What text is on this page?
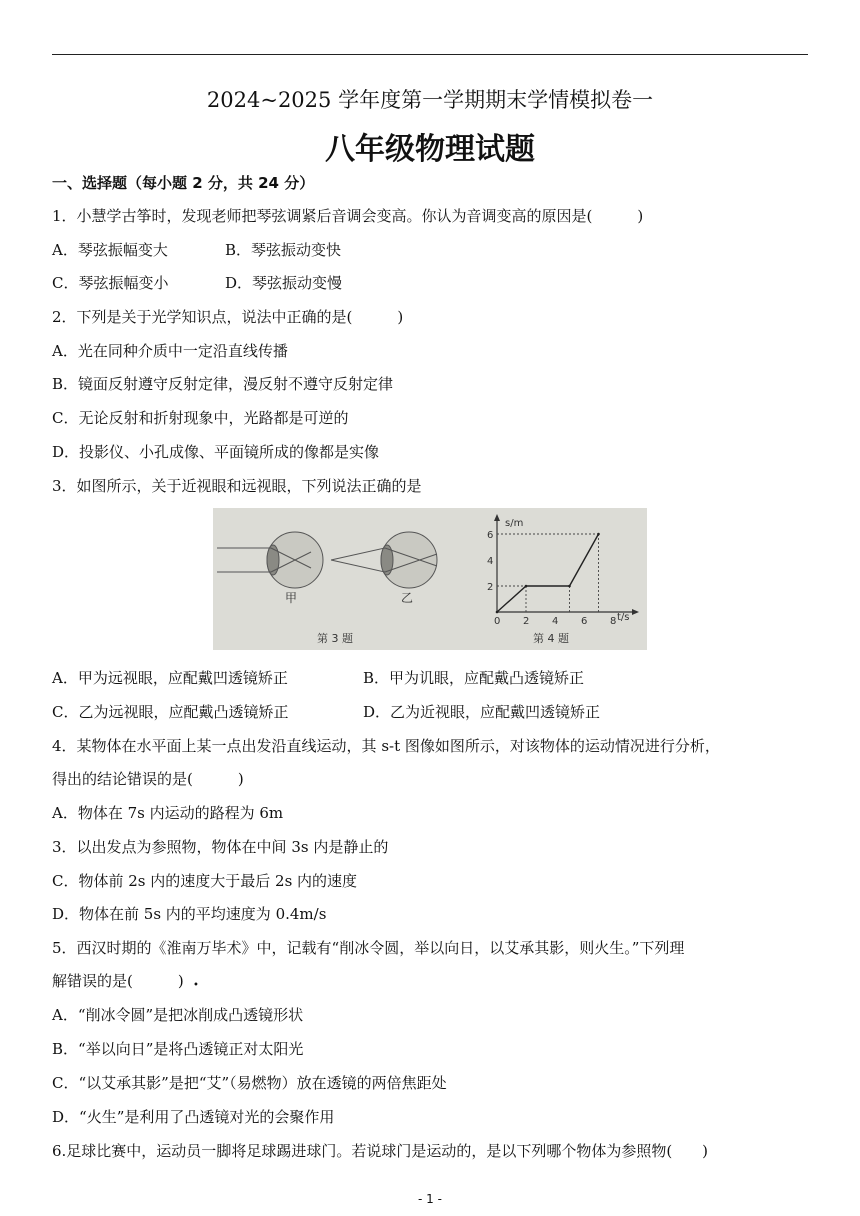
2024~2025 学年度第一学期期末学情模拟卷一
八年级物理试题
一、选择题（每小题 2 分，共 24 分）
1．小慧学古筝时，发现老师把琴弦调紧后音调会变高。你认为音调变高的原因是(　　　)
A．琴弦振幅变大	B．琴弦振动变快
C．琴弦振幅变小	D．琴弦振动变慢
2．下列是关于光学知识点，说法中正确的是(　　　)
A．光在同种介质中一定沿直线传播
B．镜面反射遵守反射定律，漫反射不遵守反射定律
C．无论反射和折射现象中，光路都是可逆的
D．投影仪、小孔成像、平面镜所成的像都是实像
3．如图所示，关于近视眼和远视眼，下列说法正确的是
甲	乙
第 3 题
s/m
t/s
0 2 4 6 8
2
4
6
第 4 题
A．甲为远视眼，应配戴凹透镜矫正	B．甲为讥眼，应配戴凸透镜矫正
C．乙为远视眼，应配戴凸透镜矫正	D．乙为近视眼，应配戴凹透镜矫正
4．某物体在水平面上某一点出发沿直线运动，其 s-t 图像如图所示，对该物体的运动情况进行分析，
得出的结论错误的是(　　　)
A．物体在 7s 内运动的路程为 6m
3．以出发点为参照物，物体在中间 3s 内是静止的
C．物体前 2s 内的速度大于最后 2s 内的速度
D．物体在前 5s 内的平均速度为 0.4m/s
5．西汉时期的《淮南万毕术》中，记载有“削冰令圆，举以向日，以艾承其影，则火生。”下列理
解错误的是(　　　) •
A．“削冰令圆”是把冰削成凸透镜形状
B．“举以向日”是将凸透镜正对太阳光
C．“以艾承其影”是把“艾”（易燃物）放在透镜的两倍焦距处
D．“火生”是利用了凸透镜对光的会聚作用
6.足球比赛中，运动员一脚将足球踢进球门。若说球门是运动的，是以下列哪个物体为参照物(　　)
- 1 -
